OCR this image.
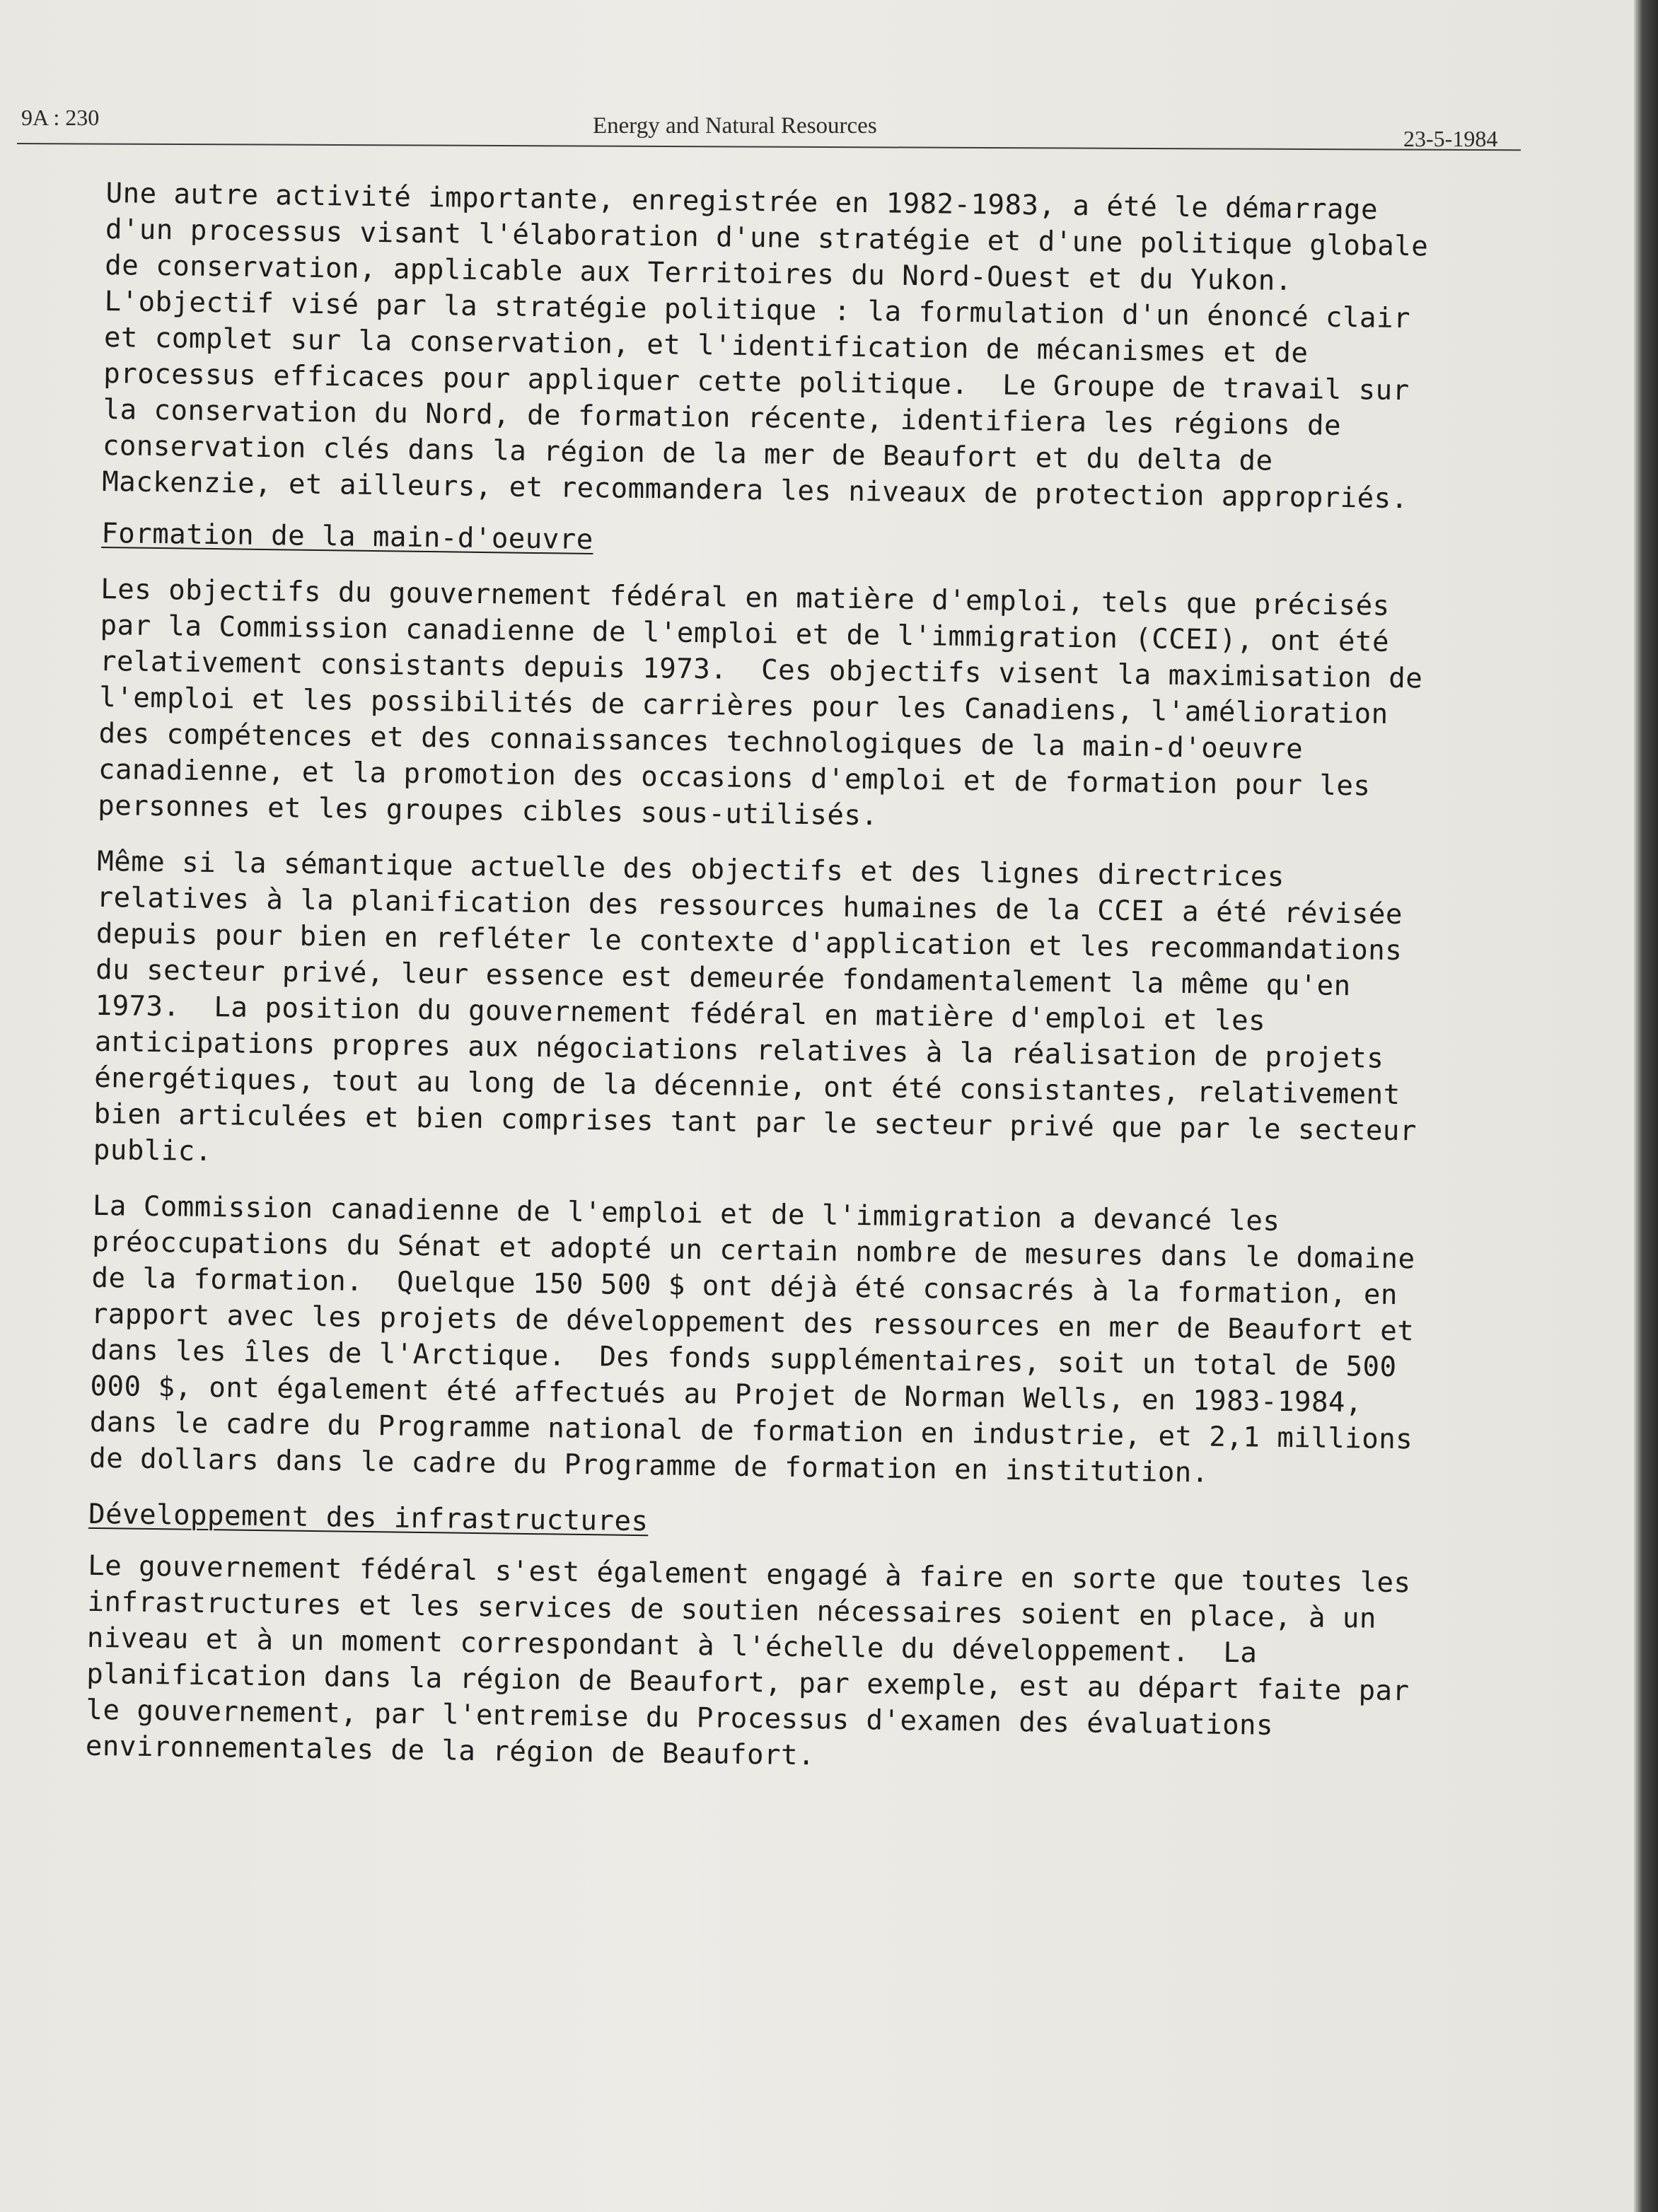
9A : 230	Energy and Natural Resources	23-5-1984

Une autre activité importante, enregistrée en 1982-1983, a été le démarrage d'un processus visant l'élaboration d'une stratégie et d'une politique globale de conservation, applicable aux Territoires du Nord-Ouest et du Yukon.  L'objectif visé par la stratégie politique : la formulation d'un énoncé clair et complet sur la conservation, et l'identification de mécanismes et de processus efficaces pour appliquer cette politique.  Le Groupe de travail sur la conservation du Nord, de formation récente, identifiera les régions de conservation clés dans la région de la mer de Beaufort et du delta de Mackenzie, et ailleurs, et recommandera les niveaux de protection appropriés.

Formation de la main-d'oeuvre

Les objectifs du gouvernement fédéral en matière d'emploi, tels que précisés par la Commission canadienne de l'emploi et de l'immigration (CCEI), ont été relativement consistants depuis 1973.  Ces objectifs visent la maximisation de l'emploi et les possibilités de carrières pour les Canadiens, l'amélioration des compétences et des connaissances technologiques de la main-d'oeuvre canadienne, et la promotion des occasions d'emploi et de formation pour les personnes et les groupes cibles sous-utilisés.

Même si la sémantique actuelle des objectifs et des lignes directrices relatives à la planification des ressources humaines de la CCEI a été révisée depuis pour bien en refléter le contexte d'application et les recommandations du secteur privé, leur essence est demeurée fondamentalement la même qu'en 1973.  La position du gouvernement fédéral en matière d'emploi et les anticipations propres aux négociations relatives à la réalisation de projets énergétiques, tout au long de la décennie, ont été consistantes, relativement bien articulées et bien comprises tant par le secteur privé que par le secteur public.

La Commission canadienne de l'emploi et de l'immigration a devancé les préoccupations du Sénat et adopté un certain nombre de mesures dans le domaine de la formation.  Quelque 150 500 $ ont déjà été consacrés à la formation, en rapport avec les projets de développement des ressources en mer de Beaufort et dans les îles de l'Arctique.  Des fonds supplémentaires, soit un total de 500 000 $, ont également été affectués au Projet de Norman Wells, en 1983-1984, dans le cadre du Programme national de formation en industrie, et 2,1 millions de dollars dans le cadre du Programme de formation en institution.

Développement des infrastructures

Le gouvernement fédéral s'est également engagé à faire en sorte que toutes les infrastructures et les services de soutien nécessaires soient en place, à un niveau et à un moment correspondant à l'échelle du développement.  La planification dans la région de Beaufort, par exemple, est au départ faite par le gouvernement, par l'entremise du Processus d'examen des évaluations environnementales de la région de Beaufort.
